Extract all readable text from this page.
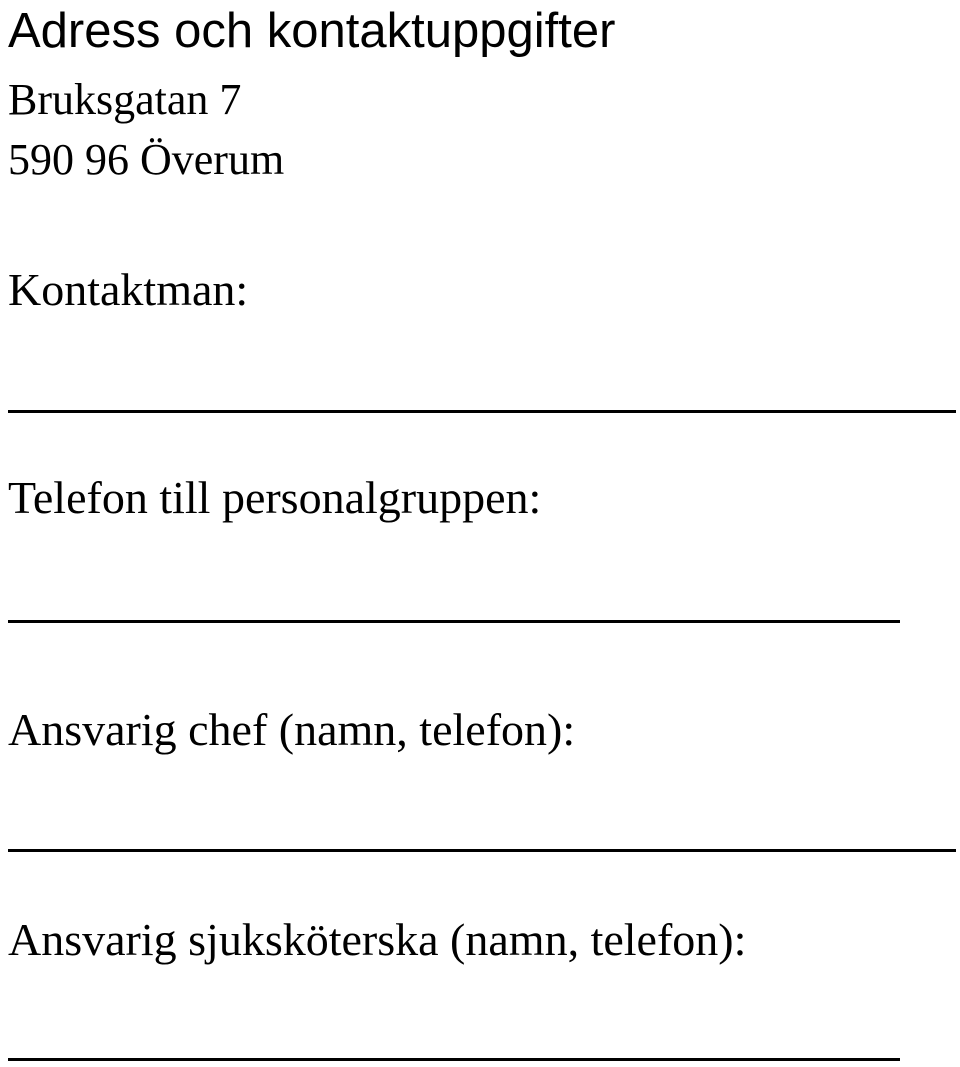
Adress och kontaktuppgifter
Bruksgatan 7
590 96 Överum
Kontaktman:
Telefon till personalgruppen:
Ansvarig chef (namn, telefon):
Ansvarig sjuksköterska (namn, telefon):
